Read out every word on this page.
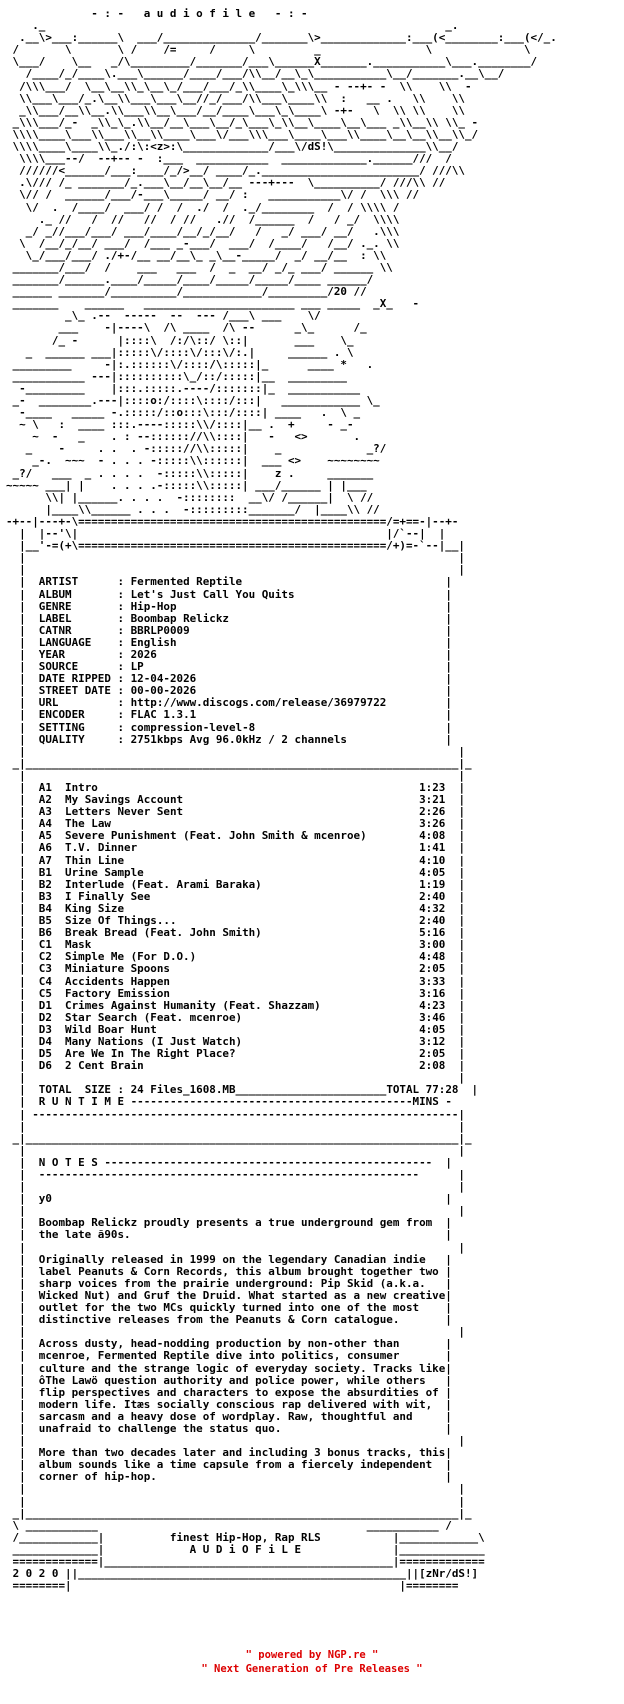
- : -   a u d i o f i l e   - : -

._                                                             _.
.__\>___:______\  ___/______________/_______\>_____________:___(<________:___(</_.
/       \       \ /    /=     /     \         _                \              \
\___/    \__   _/\_________/_______/___\______X_______.___________\___.________/
/____/_/____\.___\______/____/___/\\__/__\_\___________\__/_______.__\__/
/\\\___/  \__\__\\_\__\_/___/___/_\\____\_\\\__ - --+- -  \\    \\  -
\\___\___/_.\__\\___\___\__//_/___/\\___\____\\  :   __ .   \\    \\
_\\___/__\\__.\\___\\__\___/__/____\___\_\____\ -+-   \  \\ \\    \\
_\\\___/_-  _\\_\_.\\__/__\___\__/_\___\_\\__\____\__\___ _\\__\\ \\_ -
\\\\____\___\\___\\__\\____\___\/___\\\___\____\___\\____\__\__\\__\\_/
\\\\____\____\\_./:\:<z>:\_____________/___\/dS!\______________\\__/
\\\\___--/  --+-- -  :___  ___________  _____________.______///  /
//////<______/___:____/_/>__/ ____/_.________________________/ ///\\
.\/// /_ _______/_.___\__/__\__/__ ---+---  \__________/ ///\\ //
\// /  ______/___/-___\_____/ __/ :   ___________\/ /  \\\ //
\/  .  /____/  ___/ /  /  ./  /  ._/________  /  / \\\\ /
._ //   /  //   //  / //   .//  /______  /   / _/  \\\\
_/ _//___/___/ ___/____/__/_/__/   /   _/ ___/ __/   .\\\
\  /__/_/__/ ___/  /___ _-___/  ___/  /____/   /__/ ._. \\
\_/___/___/ ./+-/__ __/__\_ _\__-_____/  _/ __/__  : \\
_______/___/  /    ___   ___  /  _  __/ _/_ ___/ ______ \\
_______/______.____/_____/____/_____/_____/____ ______/
______ _______/__________/____________/_________/20 //
_______    ______   _______________________ ___ _____  _X_   -
_\_ .--  -----  --  --- /___\ ___    \/

___    -|----\  /\ ____  /\ --      _\_      /_
/_ -      |::::\  /:/\::/ \::|       ___    \_
_  ______ ___|:::::\/::::\/:::\/:.|     ______ . \
_________     -|:.::::::\/::::/\:::::|_      ____ *   .
___________ ---|::::::::::\_/::/:::::|__  _________
-_________    |:::.:::::.----/:::::::|_  ___________
_-  ________.---|::::o:/::::\::::/:::|   ____________ \_
-____   _____ -.:::::/::o:::\:::/::::| ____   .  \ _
~ \   :  ____ :::.----:::::\\/::::|__ .  +     - _-
~  -   _    . : --:::::://\\::::|   -   <>       .
_    -     . .  . -::::://\\:::::|    _             _?/
_-.  ~~~  - . . . -:::::\\::::::|  ___ <>    ~~~~~~~~
_?/   ___  _ . . . .  -:::::\\:::::|    z .     _______
~~~~~ ___| |    . . . .-:::::\\:::::| ___/______ | |___
\\| |______. . . .  -::::::::  __\/ /______|  \ //
|____\\______ . . .  -:::::::::_______/  |____\\ //

-+--|---+-\===============================================/=+==-|--+-
|  |--'\|                                               |/`--|  |
|__'-=(+\===============================================/+)=-`--|__|
|                                                                  |
|                                                                  |
|  ARTIST      : Fermented Reptile	|
|  ALBUM       : Let's Just Call You Quits	|
|  GENRE       : Hip-Hop	|
|  LABEL       : Boombap Relickz	|
|  CATNR       : BBRLP0009	|
|  LANGUAGE    : English	|
|  YEAR        : 2026	|
|  SOURCE      : LP	|
|  DATE RIPPED : 12-04-2026	|
|  STREET DATE : 00-00-2026	|
|  URL         : http://www.discogs.com/release/36979722	|
|  ENCODER     : FLAC 1.3.1	|
|  SETTING     : compression-level-8	|
|  QUALITY     : 2751kbps Avg 96.0kHz / 2 channels	|
|                                                                  |
_|__________________________________________________________________|_
|                                                                  |
|  A1  Intro                                                 1:23  |
|  A2  My Savings Account                                    3:21  |
|  A3  Letters Never Sent                                    2:26  |
|  A4  The Law                                               3:26  |
|  A5  Severe Punishment (Feat. John Smith & mcenroe)        4:08  |
|  A6  T.V. Dinner                                           1:41  |
|  A7  Thin Line                                             4:10  |
|  B1  Urine Sample                                          4:05  |
|  B2  Interlude (Feat. Arami Baraka)                        1:19  |
|  B3  I Finally See                                         2:40  |
|  B4  King Size                                             4:32  |
|  B5  Size Of Things...                                     2:40  |
|  B6  Break Bread (Feat. John Smith)                        5:16  |
|  C1  Mask                                                  3:00  |
|  C2  Simple Me (For D.O.)                                  4:48  |
|  C3  Miniature Spoons                                      2:05  |
|  C4  Accidents Happen                                      3:33  |
|  C5  Factory Emission                                      3:16  |
|  D1  Crimes Against Humanity (Feat. Shazzam)               4:23  |
|  D2  Star Search (Feat. mcenroe)                           3:46  |
|  D3  Wild Boar Hunt                                        4:05  |
|  D4  Many Nations (I Just Watch)                           3:12  |
|  D5  Are We In The Right Place?                            2:05  |
|  D6  2 Cent Brain                                          2:08  |
|                                                                  |
|  TOTAL  SIZE : 24 Files_1608.MB_______________________TOTAL 77:28  |
|  R U N T I M E -------------------------------------------MINS -
| -----------------------------------------------------------------|
|                                                                  |
_|__________________________________________________________________|_
|                                                                  |
|  N O T E S --------------------------------------------------  |
|  ----------------------------------------------------------      |
|                                                                  |
|  y0                                                            |
|                                                                  |
|  Boombap Relickz proudly presents a true underground gem from  |
|  the late ã90s.                                                |
|                                                                  |
|  Originally released in 1999 on the legendary Canadian indie   |
|  label Peanuts & Corn Records, this album brought together two |
|  sharp voices from the prairie underground: Pip Skid (a.k.a.   |
|  Wicked Nut) and Gruf the Druid. What started as a new creative|
|  outlet for the two MCs quickly turned into one of the most    |
|  distinctive releases from the Peanuts & Corn catalogue.       |
|                                                                  |
|  Across dusty, head-nodding production by non-other than       |
|  mcenroe, Fermented Reptile dive into politics, consumer       |
|  culture and the strange logic of everyday society. Tracks like|
|  ôThe Lawö question authority and police power, while others   |
|  flip perspectives and characters to expose the absurdities of |
|  modern life. Itæs socially conscious rap delivered with wit,  |
|  sarcasm and a heavy dose of wordplay. Raw, thoughtful and     |
|  unafraid to challenge the status quo.                         |
|                                                                  |
|  More than two decades later and including 3 bonus tracks, this|
|  album sounds like a time capsule from a fiercely independent  |
|  corner of hip-hop.                                            |
|                                                                  |
|                                                                  |
_|__________________________________________________________________|_
\ ___________                                         ___________ /
/____________|          finest Hip-Hop, Rap RLS           |____________\
_____________|             A U D i O F i L E              |_____________
=============|____________________________________________|=============
2 0 2 0 ||__________________________________________________||[zNr/dS!]
========|                                                  |========
" powered by NGP.re "
" Next Generation of Pre Releases "
